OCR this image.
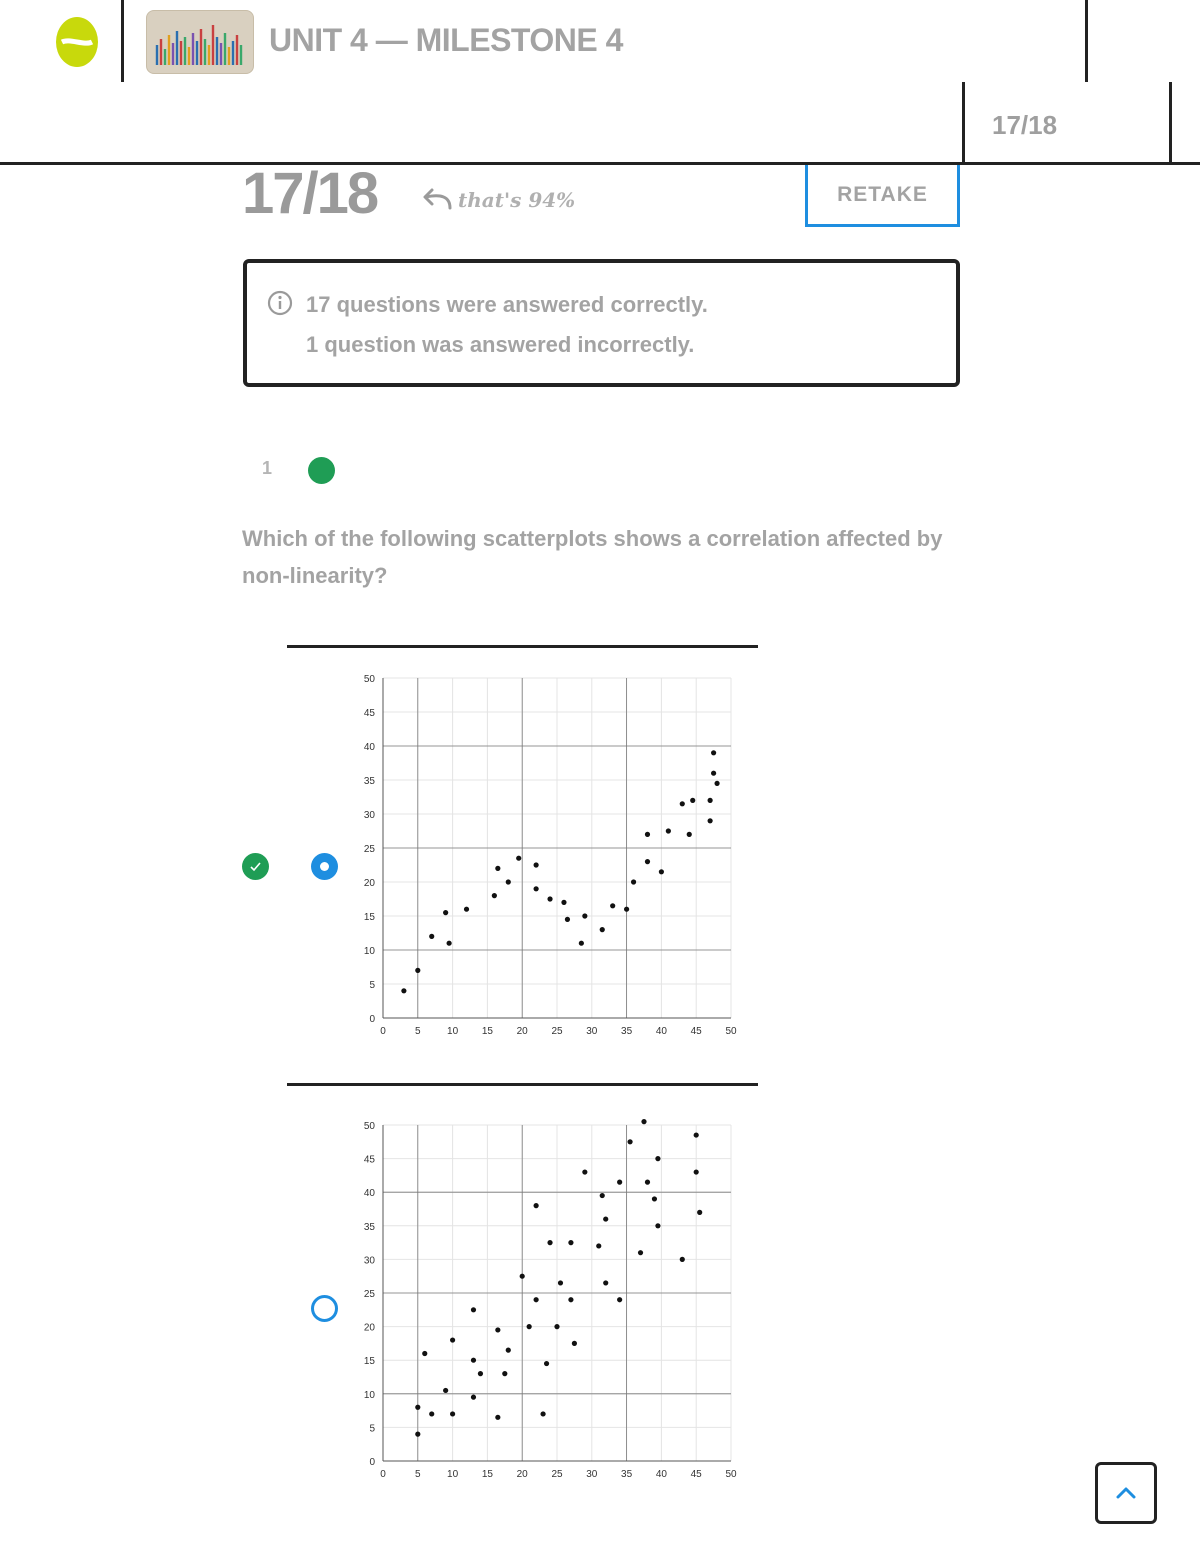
UNIT 4 — MILESTONE 4
17/18
17/18	that's 94%	RETAKE
17 questions were answered correctly.
1 question was answered incorrectly.
1
Which of the following scatterplots shows a correlation affected by non-linearity?
0	5	10 15 20 25 30 35 40 45 50
0
5
10
15
20
25
30
35
40
45
50
0	5	10 15 20 25 30 35 40 45 50
0
5
10
15
20
25
30
35
40
45
50
